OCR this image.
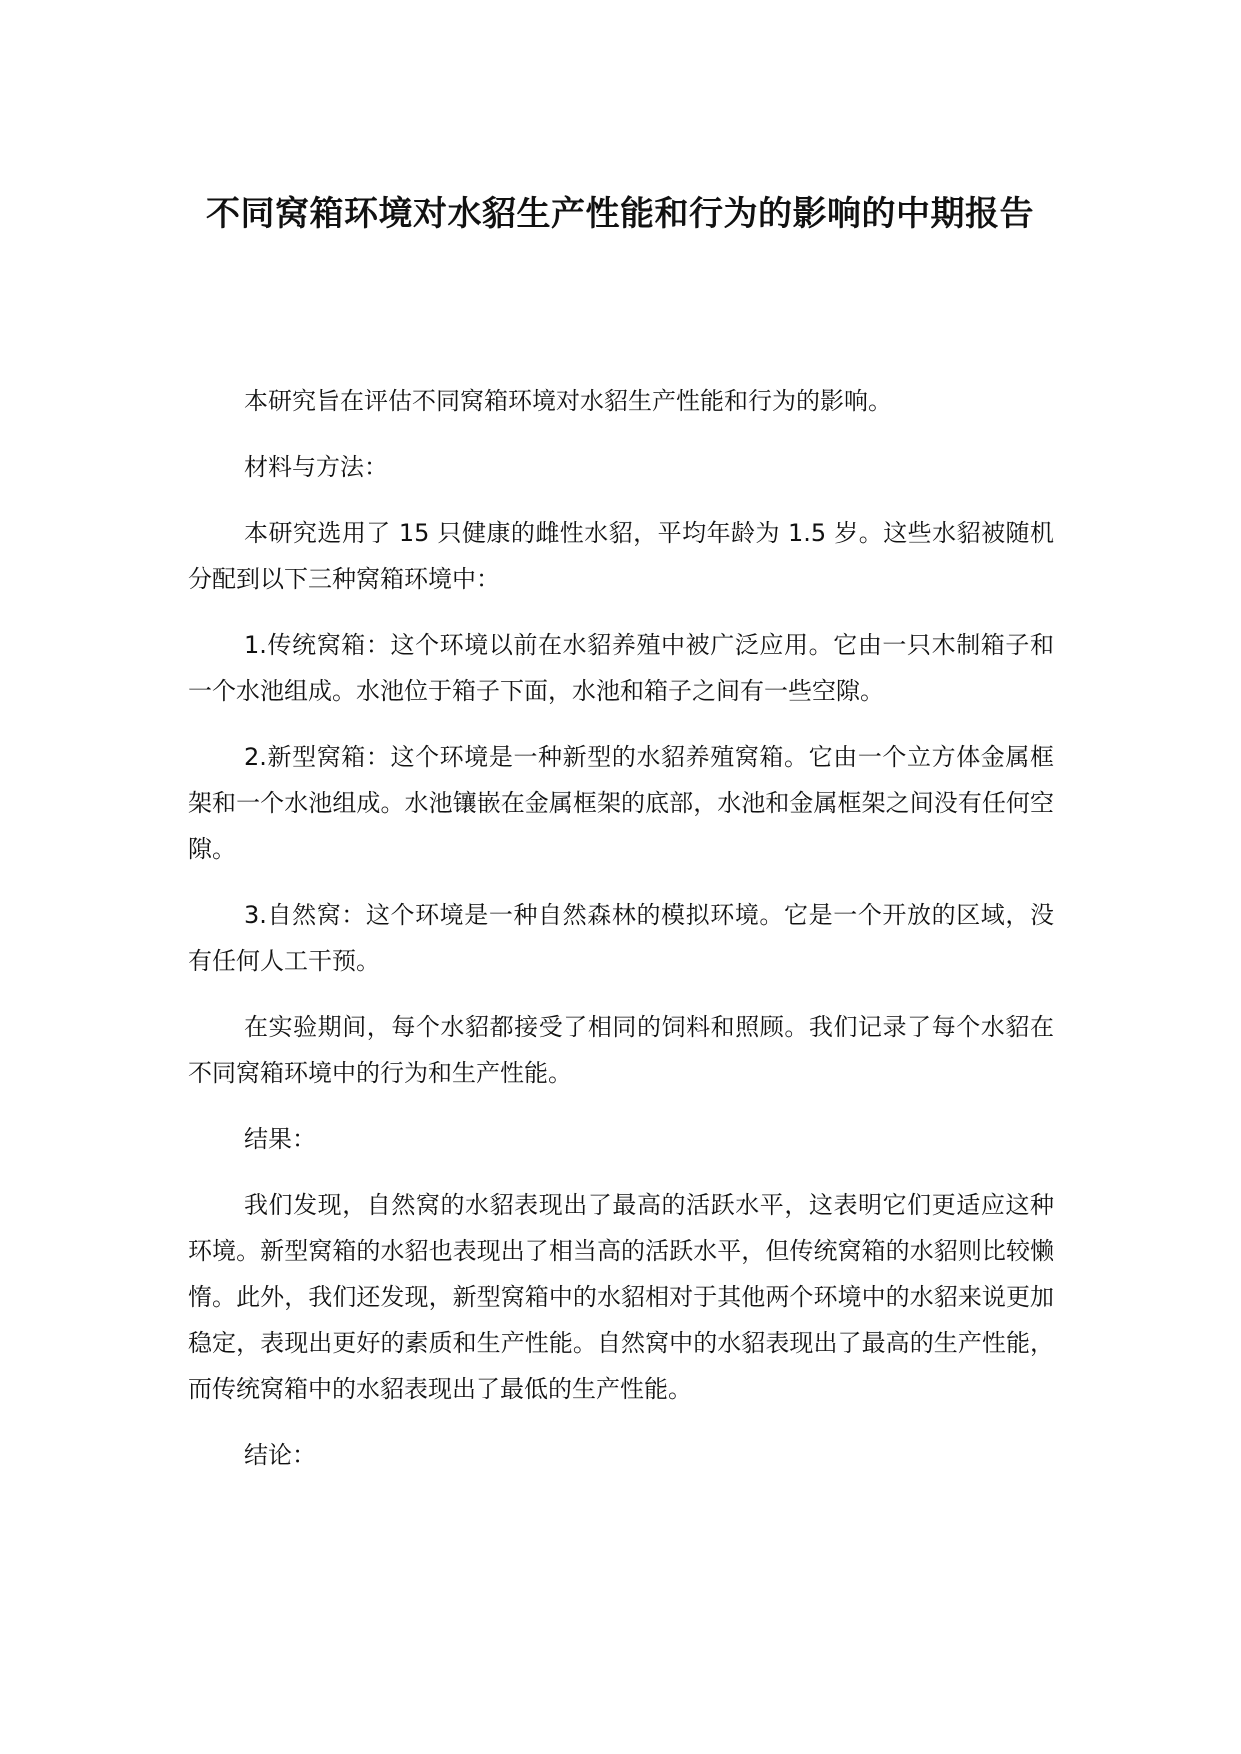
不同窝箱环境对水貂生产性能和行为的影响的中期报告

本研究旨在评估不同窝箱环境对水貂生产性能和行为的影响。

材料与方法：

本研究选用了 15 只健康的雌性水貂，平均年龄为 1.5 岁。这些水貂被随机分配到以下三种窝箱环境中：

1.传统窝箱：这个环境以前在水貂养殖中被广泛应用。它由一只木制箱子和一个水池组成。水池位于箱子下面，水池和箱子之间有一些空隙。

2.新型窝箱：这个环境是一种新型的水貂养殖窝箱。它由一个立方体金属框架和一个水池组成。水池镶嵌在金属框架的底部，水池和金属框架之间没有任何空隙。

3.自然窝：这个环境是一种自然森林的模拟环境。它是一个开放的区域，没有任何人工干预。

在实验期间，每个水貂都接受了相同的饲料和照顾。我们记录了每个水貂在不同窝箱环境中的行为和生产性能。

结果：

我们发现，自然窝的水貂表现出了最高的活跃水平，这表明它们更适应这种环境。新型窝箱的水貂也表现出了相当高的活跃水平，但传统窝箱的水貂则比较懒惰。此外，我们还发现，新型窝箱中的水貂相对于其他两个环境中的水貂来说更加稳定，表现出更好的素质和生产性能。自然窝中的水貂表现出了最高的生产性能，而传统窝箱中的水貂表现出了最低的生产性能。

结论：
